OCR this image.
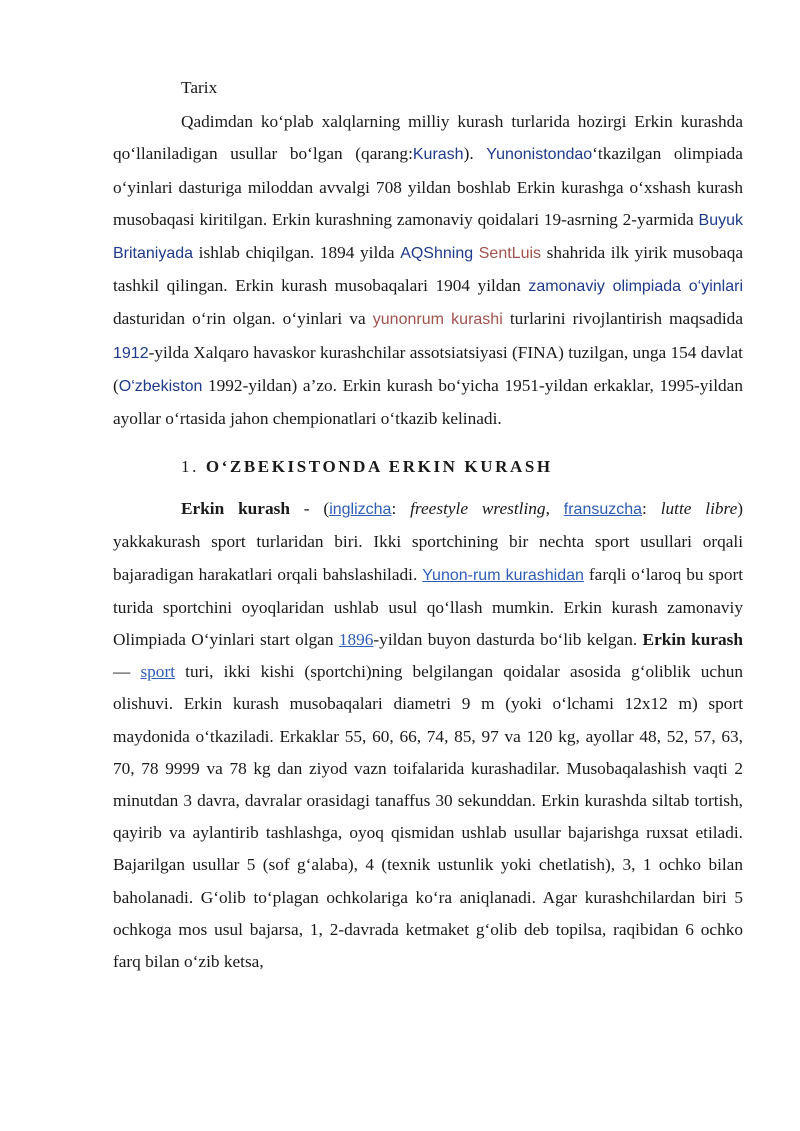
Tarix

Qadimdan ko‘plab xalqlarning milliy kurash turlarida hozirgi Erkin kurashda qo‘llaniladigan usullar bo‘lgan (qarang:Kurash). Yunonistondao‘tkazilgan olimpiada o‘yinlari dasturiga miloddan avvalgi 708 yildan boshlab Erkin kurashga o‘xshash kurash musobaqasi kiritilgan. Erkin kurashning zamonaviy qoidalari 19-asrning 2-yarmida Buyuk Britaniyada ishlab chiqilgan. 1894 yilda AQShning SentLuis shahrida ilk yirik musobaqa tashkil qilingan. Erkin kurash musobaqalari 1904 yildan zamonaviy olimpiada o‘yinlari dasturidan o‘rin olgan. o‘yinlari va yunonrum kurashi turlarini rivojlantirish maqsadida 1912-yilda Xalqaro havaskor kurashchilar assotsiatsiyasi (FINA) tuzilgan, unga 154 davlat (O‘zbekiston 1992-yildan) a’zo. Erkin kurash bo‘yicha 1951-yildan erkaklar, 1995-yildan ayollar o‘rtasida jahon chempionatlari o‘tkazib kelinadi.

1. O‘ZBEKISTONDA ERKIN KURASH

Erkin kurash - (inglizcha: freestyle wrestling, fransuzcha: lutte libre) yakkakurash sport turlaridan biri. Ikki sportchining bir nechta sport usullari orqali bajaradigan harakatlari orqali bahslashiladi. Yunon-rum kurashidan farqli o‘laroq bu sport turida sportchini oyoqlaridan ushlab usul qo‘llash mumkin. Erkin kurash zamonaviy Olimpiada O‘yinlari start olgan 1896-yildan buyon dasturda bo‘lib kelgan. Erkin kurash — sport turi, ikki kishi (sportchi)ning belgilangan qoidalar asosida g‘oliblik uchun olishuvi. Erkin kurash musobaqalari diametri 9 m (yoki o‘lchami 12x12 m) sport maydonida o‘tkaziladi. Erkaklar 55, 60, 66, 74, 85, 97 va 120 kg, ayollar 48, 52, 57, 63, 70, 78 9999 va 78 kg dan ziyod vazn toifalarida kurashadilar. Musobaqalashish vaqti 2 minutdan 3 davra, davralar orasidagi tanaffus 30 sekunddan. Erkin kurashda siltab tortish, qayirib va aylantirib tashlashga, oyoq qismidan ushlab usullar bajarishga ruxsat etiladi. Bajarilgan usullar 5 (sof g‘alaba), 4 (texnik ustunlik yoki chetlatish), 3, 1 ochko bilan baholanadi. G‘olib to‘plagan ochkolariga ko‘ra aniqlanadi. Agar kurashchilardan biri 5 ochkoga mos usul bajarsa, 1, 2-davrada ketmaket g‘olib deb topilsa, raqibidan 6 ochko farq bilan o‘zib ketsa,
